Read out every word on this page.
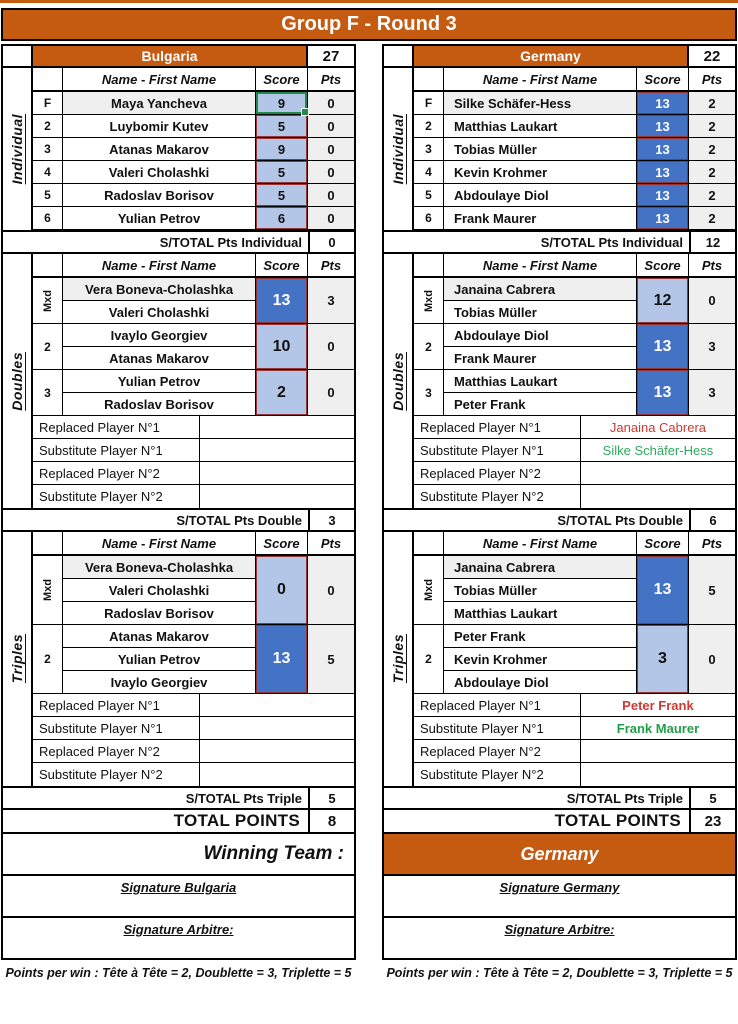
Group F - Round 3
Bulgaria	27
Individual
Name - First Name	Score	Pts
F	Maya Yancheva	9	0
2	Luybomir Kutev	5	0
3	Atanas Makarov	9	0
4	Valeri Cholashki	5	0
5	Radoslav Borisov	5	0
6	Yulian Petrov	6	0
S/TOTAL Pts Individual	0
Doubles
Name - First Name	Score	Pts
Mxd
Vera Boneva-Cholashka
Valeri Cholashki
13	3
2
Ivaylo Georgiev
Atanas Makarov
10	0
3
Yulian Petrov
Radoslav Borisov
2	0
Replaced Player N°1
Substitute Player N°1
Replaced Player N°2
Substitute Player N°2
S/TOTAL Pts Double	3
Triples
Name - First Name	Score	Pts
Mxd
Vera Boneva-Cholashka
Valeri Cholashki
Radoslav Borisov
0	0
2
Atanas Makarov
Yulian Petrov
Ivaylo Georgiev
13	5
Replaced Player N°1
Substitute Player N°1
Replaced Player N°2
Substitute Player N°2
S/TOTAL Pts Triple	5
TOTAL POINTS	8
Winning Team :
Signature Bulgaria
Signature Arbitre:
Points per win : Tête à Tête = 2, Doublette = 3, Triplette = 5
Germany	22
Individual
Name - First Name	Score	Pts
F	Silke Schäfer-Hess	13	2
2	Matthias Laukart	13	2
3	Tobias Müller	13	2
4	Kevin Krohmer	13	2
5	Abdoulaye Diol	13	2
6	Frank Maurer	13	2
S/TOTAL Pts Individual	12
Doubles
Name - First Name	Score	Pts
Mxd
Janaina Cabrera
Tobias Müller
12	0
2
Abdoulaye Diol
Frank Maurer
13	3
3
Matthias Laukart
Peter Frank
13	3
Replaced Player N°1	Janaina Cabrera
Substitute Player N°1	Silke Schäfer-Hess
Replaced Player N°2
Substitute Player N°2
S/TOTAL Pts Double	6
Triples
Name - First Name	Score	Pts
Mxd
Janaina Cabrera
Tobias Müller
Matthias Laukart
13	5
2
Peter Frank
Kevin Krohmer
Abdoulaye Diol
3	0
Replaced Player N°1	Peter Frank
Substitute Player N°1	Frank Maurer
Replaced Player N°2
Substitute Player N°2
S/TOTAL Pts Triple	5
TOTAL POINTS	23
Germany
Signature Germany
Signature Arbitre:
Points per win : Tête à Tête = 2, Doublette = 3, Triplette = 5
